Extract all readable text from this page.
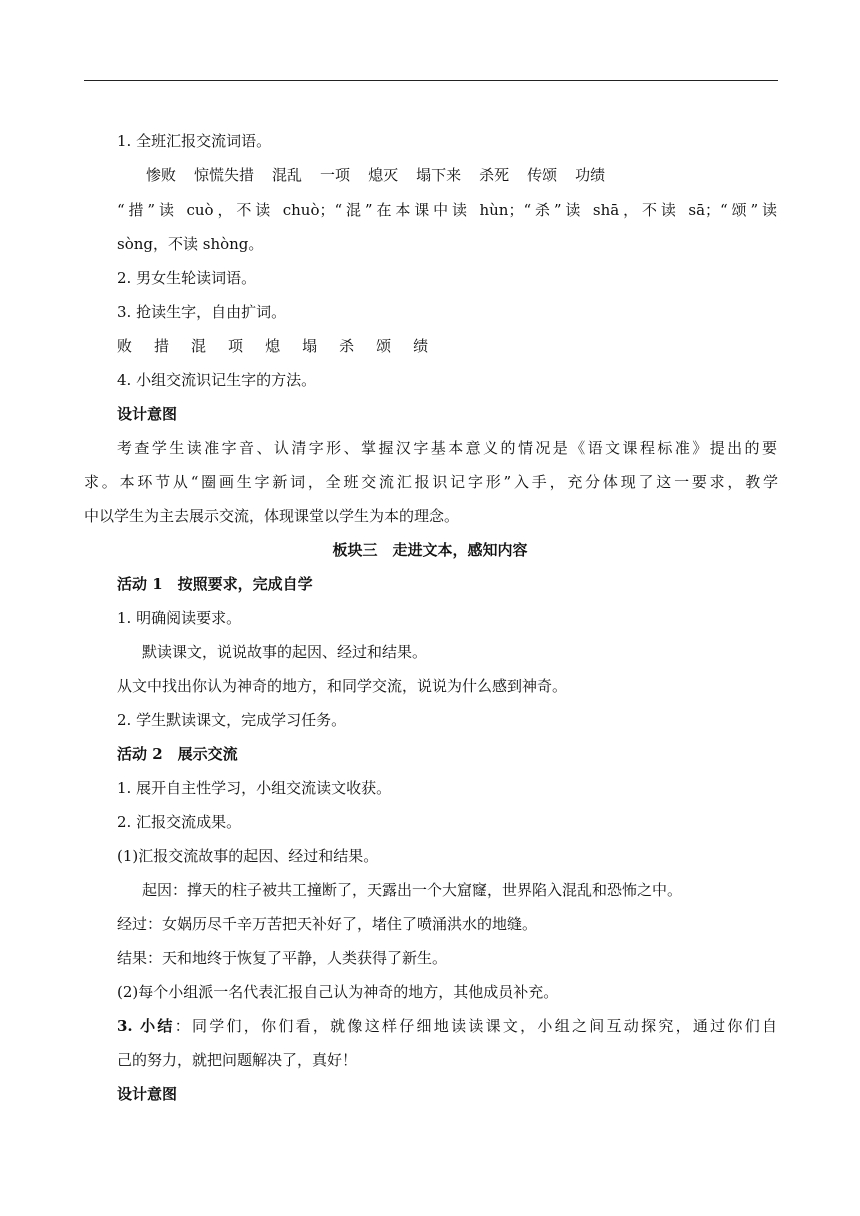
1. 全班汇报交流词语。
惨败 惊慌失措 混乱 一项 熄灭 塌下来 杀死 传颂 功绩
“措”读 cuò，不读 chuò；“混”在本课中读 hùn；“杀”读 shā，不读 sā；“颂”读
sòng，不读 shòng。
2. 男女生轮读词语。
3. 抢读生字，自由扩词。
败 措 混 项 熄 塌 杀 颂 绩
4. 小组交流识记生字的方法。
设计意图
考查学生读准字音、认清字形、掌握汉字基本意义的情况是《语文课程标准》提出的要
求。本环节从“圈画生字新词，全班交流汇报识记字形”入手，充分体现了这一要求，教学
中以学生为主去展示交流，体现课堂以学生为本的理念。
板块三　走进文本，感知内容
活动 1　按照要求，完成自学
1. 明确阅读要求。
默读课文，说说故事的起因、经过和结果。
从文中找出你认为神奇的地方，和同学交流，说说为什么感到神奇。
2. 学生默读课文，完成学习任务。
活动 2　展示交流
1. 展开自主性学习，小组交流读文收获。
2. 汇报交流成果。
(1)汇报交流故事的起因、经过和结果。
起因：撑天的柱子被共工撞断了，天露出一个大窟窿，世界陷入混乱和恐怖之中。
经过：女娲历尽千辛万苦把天补好了，堵住了喷涌洪水的地缝。
结果：天和地终于恢复了平静，人类获得了新生。
(2)每个小组派一名代表汇报自己认为神奇的地方，其他成员补充。
3. 小结：同学们，你们看，就像这样仔细地读读课文，小组之间互动探究，通过你们自
己的努力，就把问题解决了，真好！
设计意图
